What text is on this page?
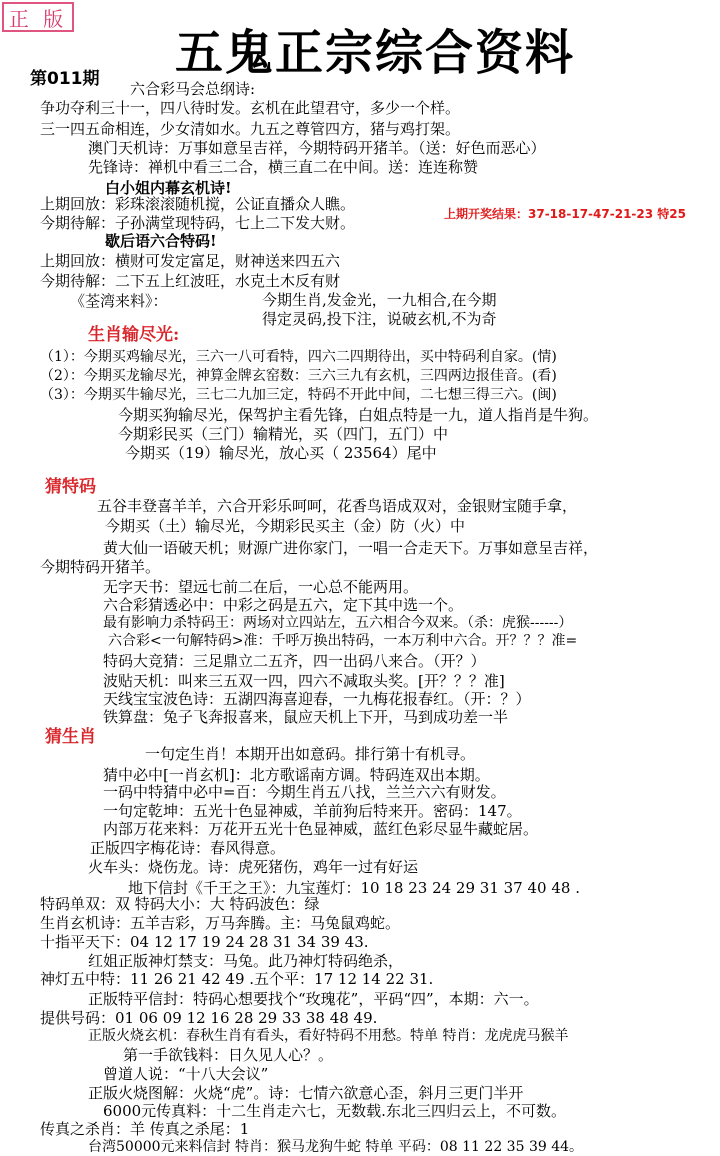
正 版
五鬼正宗综合资料
第011期
上期开奖结果：37-18-17-47-21-23 特25
六合彩马会总纲诗:
争功夺利三十一，四八待时发。玄机在此望君守，多少一个样。
三一四五命相连，少女清如水。九五之尊管四方，猪与鸡打架。
澳门天机诗：万事如意呈吉祥，今期特码开猪羊。（送：好色而恶心）
先锋诗：禅机中看三二合，横三直二在中间。送：连连称赞
白小姐内幕玄机诗!
上期回放：彩珠滚滚随机搅，公证直播众人瞧。
今期待解：子孙满堂现特码，七上二下发大财。
歇后语六合特码!
上期回放：横财可发定富足，财神送来四五六
今期待解：二下五上红波旺，水克土木反有财
《荃湾来料》：	今期生肖,发金光，一九相合,在今期
得定灵码,投下注，说破玄机,不为奇
生肖输尽光:
（1）：今期买鸡输尽光，三六一八可看特，四六二四期待出，买中特码利自家。(情)
（2）：今期买龙输尽光，神算金牌玄窑数：三六三九有玄机，三四两边报佳音。(看)
（3）：今期买牛输尽光，三七二九加三定，特码不开此中间，二七想三得三六。(闽)
今期买狗输尽光，保驾护主看先锋，白姐点特是一九，道人指肖是牛狗。
今期彩民买（三门）输精光，买（四门，五门）中
今期买（19）输尽光，放心买（ 23564）尾中
猜特码
五谷丰登喜羊羊，六合开彩乐呵呵，花香鸟语成双对，金银财宝随手拿，
今期买（土）输尽光，今期彩民买主（金）防（火）中
黄大仙一语破天机；财源广进你家门，一唱一合走天下。万事如意呈吉祥，
今期特码开猪羊。
无字天书：望远七前二在后，一心总不能两用。
六合彩猜透必中：中彩之码是五六，定下其中选一个。
最有影响力杀特码王：两场对立四站左，五六相合今双来。（杀：虎猴------）
六合彩<一句解特码>准：千呼万换出特码，一本万利中六合。开？？？准=
特码大竞猜：三足鼎立二五齐，四一出码八来合。（开？）
波贴天机：叫来三五双一四，四六不减取头奖。[开？？？准]
天线宝宝波色诗：五湖四海喜迎春，一九梅花报春红。（开：？）
铁算盘：兔子飞奔报喜来，鼠应天机上下开，马到成功差一半
猜生肖
一句定生肖！本期开出如意码。排行第十有机寻。
猜中必中[一肖玄机]：北方歌谣南方调。特码连双出本期。
一码中特猜中必中=百：今期生肖五八找，兰兰六六有财发。
一句定乾坤：五光十色显神威，羊前狗后特来开。密码：147。
内部万花来料：万花开五光十色显神威，蓝红色彩尽显牛藏蛇居。
正版四字梅花诗：春风得意。
火车头：烧伤龙。诗：虎死猪伤，鸡年一过有好运
地下信封《千王之王》：九宝莲灯：10 18 23 24 29 31 37 40 48 .
特码单双：双 特码大小：大 特码波色：绿
生肖玄机诗：五羊吉彩，万马奔腾。主：马兔鼠鸡蛇。
十指平天下：04 12 17 19 24 28 31 34 39 43.
红姐正版神灯禁支：马兔。此乃神灯特码绝杀，
神灯五中特：11 26 21 42 49 .五个平：17 12 14 22 31.
正版特平信封：特码心想要找个“玫瑰花”，平码“四”，本期：六一。
提供号码：01 06 09 12 16 28 29 33 38 48 49.
正版火烧玄机：春秋生肖有看头，看好特码不用愁。特单 特肖：龙虎虎马猴羊
第一手欲钱料：日久见人心？。
曾道人说：“十八大会议”
正版火烧图解：火烧“虎”。诗：七情六欲意心歪，斜月三更门半开
6000元传真料：十二生肖走六七，无数载.东北三四归云上，不可数。
传真之杀肖：羊 传真之杀尾：1
台湾50000元来料信封 特肖：猴马龙狗牛蛇 特单 平码：08 11 22 35 39 44。
